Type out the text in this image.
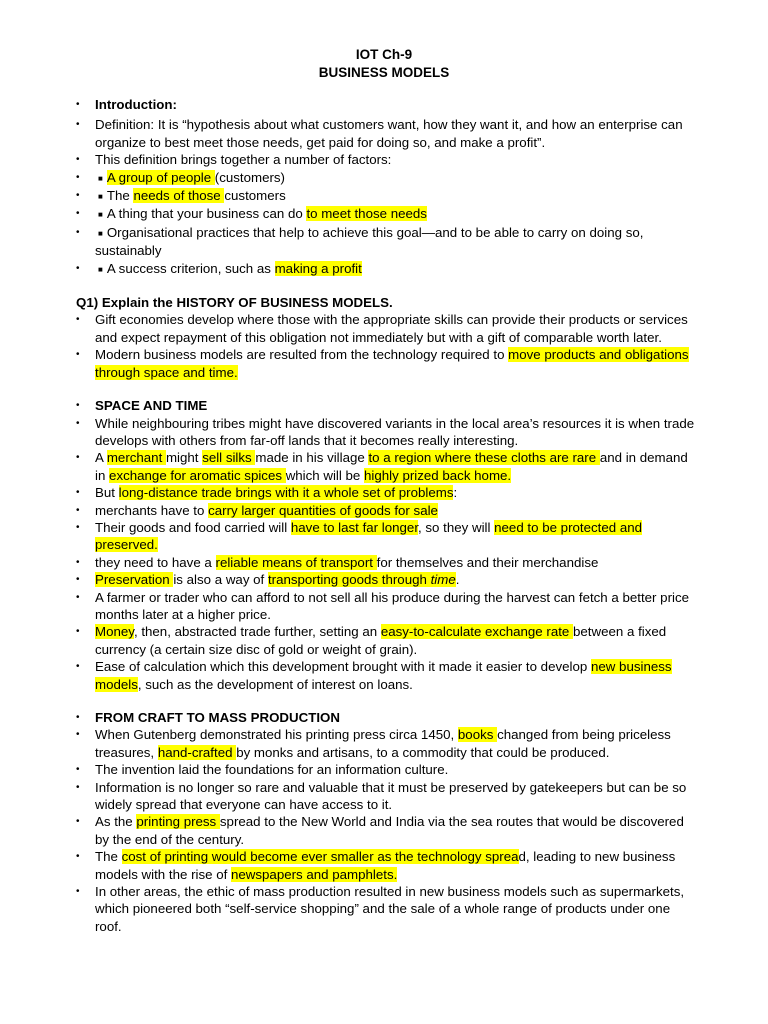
IOT Ch-9
BUSINESS MODELS
•	Introduction:
•	Definition: It is “hypothesis about what customers want, how they want it, and how an enterprise can organize to best meet those needs, get paid for doing so, and make a profit”.
•	This definition brings together a number of factors:
•	■ A group of people (customers)
•	■ The needs of those customers
•	■ A thing that your business can do to meet those needs
•	■ Organisational practices that help to achieve this goal—and to be able to carry on doing so, sustainably
•	■ A success criterion, such as making a profit
Q1) Explain the HISTORY OF BUSINESS MODELS.
•	Gift economies develop where those with the appropriate skills can provide their products or services and expect repayment of this obligation not immediately but with a gift of comparable worth later.
•	Modern business models are resulted from the technology required to move products and obligations through space and time.
•	SPACE AND TIME
•	While neighbouring tribes might have discovered variants in the local area’s resources it is when trade develops with others from far-off lands that it becomes really interesting.
•	A merchant might sell silks made in his village to a region where these cloths are rare and in demand in exchange for aromatic spices which will be highly prized back home.
•	But long-distance trade brings with it a whole set of problems:
•	merchants have to carry larger quantities of goods for sale
•	Their goods and food carried will have to last far longer, so they will need to be protected and preserved.
•	they need to have a reliable means of transport for themselves and their merchandise
•	Preservation is also a way of transporting goods through time.
•	A farmer or trader who can afford to not sell all his produce during the harvest can fetch a better price months later at a higher price.
•	Money, then, abstracted trade further, setting an easy-to-calculate exchange rate between a fixed currency (a certain size disc of gold or weight of grain).
•	Ease of calculation which this development brought with it made it easier to develop new business models, such as the development of interest on loans.
•	FROM CRAFT TO MASS PRODUCTION
•	When Gutenberg demonstrated his printing press circa 1450, books changed from being priceless treasures, hand-crafted by monks and artisans, to a commodity that could be produced.
•	The invention laid the foundations for an information culture.
•	Information is no longer so rare and valuable that it must be preserved by gatekeepers but can be so widely spread that everyone can have access to it.
•	As the printing press spread to the New World and India via the sea routes that would be discovered by the end of the century.
•	The cost of printing would become ever smaller as the technology spread, leading to new business models with the rise of newspapers and pamphlets.
•	In other areas, the ethic of mass production resulted in new business models such as supermarkets, which pioneered both “self-service shopping” and the sale of a whole range of products under one roof.
